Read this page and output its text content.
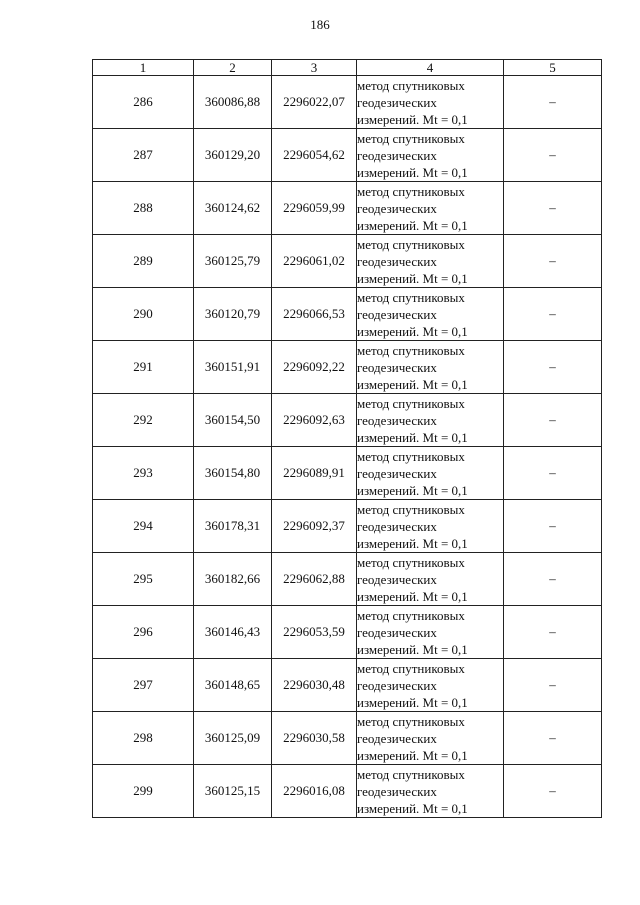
186
1	2	3	4	5
286	360086,88	2296022,07	метод спутниковых
геодезических
измерений. Mt = 0,1	–
287	360129,20	2296054,62	метод спутниковых
геодезических
измерений. Mt = 0,1	–
288	360124,62	2296059,99	метод спутниковых
геодезических
измерений. Mt = 0,1	–
289	360125,79	2296061,02	метод спутниковых
геодезических
измерений. Mt = 0,1	–
290	360120,79	2296066,53	метод спутниковых
геодезических
измерений. Mt = 0,1	–
291	360151,91	2296092,22	метод спутниковых
геодезических
измерений. Mt = 0,1	–
292	360154,50	2296092,63	метод спутниковых
геодезических
измерений. Mt = 0,1	–
293	360154,80	2296089,91	метод спутниковых
геодезических
измерений. Mt = 0,1	–
294	360178,31	2296092,37	метод спутниковых
геодезических
измерений. Mt = 0,1	–
295	360182,66	2296062,88	метод спутниковых
геодезических
измерений. Mt = 0,1	–
296	360146,43	2296053,59	метод спутниковых
геодезических
измерений. Mt = 0,1	–
297	360148,65	2296030,48	метод спутниковых
геодезических
измерений. Mt = 0,1	–
298	360125,09	2296030,58	метод спутниковых
геодезических
измерений. Mt = 0,1	–
299	360125,15	2296016,08	метод спутниковых
геодезических
измерений. Mt = 0,1	–
